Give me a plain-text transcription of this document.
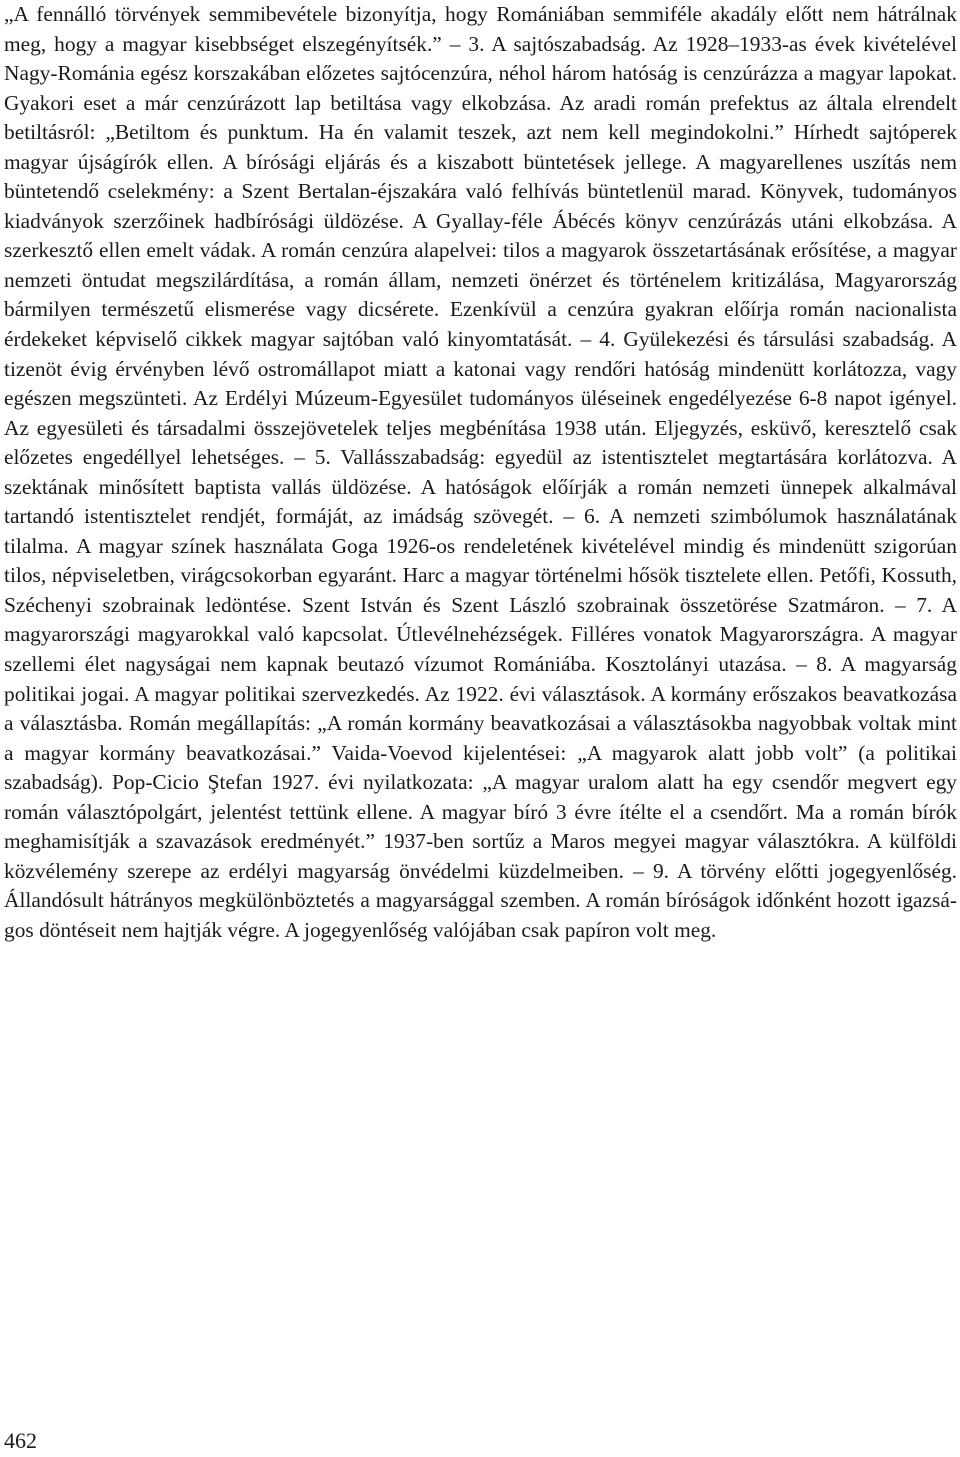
„A fennálló törvények semmibevétele bizonyítja, hogy Romániában semmiféle akadály előtt nem hátrálnak meg, hogy a magyar kisebbséget elszegényítsék.” – 3. A sajtószabadság. Az 1928–1933-as évek kivételével Nagy-Románia egész korszakában előzetes sajtócenzúra, néhol három hatóság is cenzúrázza a magyar lapokat. Gyakori eset a már cenzúrázott lap betiltása vagy elkobzása. Az aradi román prefektus az általa elrendelt betiltásról: „Betiltom és punktum. Ha én valamit teszek, azt nem kell megindokolni.” Hírhedt sajtóperek magyar újságírók ellen. A bírósági eljárás és a kiszabott büntetések jellege. A magyarellenes uszítás nem büntetendő cselekmény: a Szent Bertalan-éjszakára való felhívás büntetlenül marad. Könyvek, tudományos kiadványok szerzőinek hadbírósági üldözése. A Gyallay-féle Ábécés könyv cenzúrázás utáni elkobzása. A szerkesztő ellen emelt vádak. A román cenzúra alapelvei: tilos a magyarok összetartásának erősítése, a magyar nemzeti öntudat megszilárdítása, a román állam, nemzeti önérzet és történelem kritizálása, Magyarország bármilyen természetű elismerése vagy dicsérete. Ezenkívül a cenzúra gyakran előírja román nacionalista érdekeket képviselő cikkek magyar sajtóban való kinyomtatását. – 4. Gyülekezési és társulási szabadság. A tizenöt évig érvényben lévő ostromállapot miatt a katonai vagy rendőri hatóság mindenütt korlátozza, vagy egészen megszünteti. Az Erdélyi Múzeum-Egyesület tudományos üléseinek engedélyezése 6-8 napot igényel. Az egyesületi és társadalmi összejövetelek teljes megbénítása 1938 után. Eljegyzés, esküvő, keresztelő csak előzetes engedéllyel lehetséges. – 5. Vallásszabadság: egyedül az istentisztelet megtartására korlátozva. A szektának minősített baptista vallás üldözése. A hatóságok előírják a román nemzeti ünnepek alkalmával tartandó istentisztelet rendjét, formáját, az imádság szövegét. – 6. A nemzeti szimbólumok használatának tilalma. A magyar színek használata Goga 1926-os rendeletének kivételével mindig és mindenütt szigorúan tilos, népviseletben, virágcsokorban egyaránt. Harc a magyar történelmi hősök tisztelete ellen. Petőfi, Kossuth, Széchenyi szobrainak ledöntése. Szent István és Szent László szobrainak összetörése Szatmáron. – 7. A magyarországi magyarokkal való kapcsolat. Útlevélnehézségek. Filléres vonatok Magyarországra. A magyar szellemi élet nagyságai nem kapnak beutazó vízumot Romániába. Kosztolányi utazása. – 8. A magyarság politikai jogai. A magyar politikai szervezkedés. Az 1922. évi választások. A kormány erőszakos beavatkozása a választásba. Román megállapítás: „A román kormány beavatkozásai a választásokba nagyobbak voltak mint a magyar kormány beavatkozásai.” Vaida-Voevod kijelentései: „A magyarok alatt jobb volt” (a politikai szabadság). Pop-Cicio Ştefan 1927. évi nyilatkozata: „A magyar uralom alatt ha egy csendőr megvert egy román választópolgárt, jelentést tettünk ellene. A magyar bíró 3 évre ítélte el a csendőrt. Ma a román bírók meghamisítják a szavazások eredményét.” 1937-ben sortűz a Maros megyei magyar választókra. A külföldi közvélemény szerepe az erdélyi magyarság önvédelmi küzdelmeiben. – 9. A törvény előtti jogegyenlőség. Állandósult hátrányos megkülönböztetés a magyarsággal szemben. A román bíróságok időnként hozott igazságos döntéseit nem hajtják végre. A jogegyenlőség valójában csak papíron volt meg.

462
